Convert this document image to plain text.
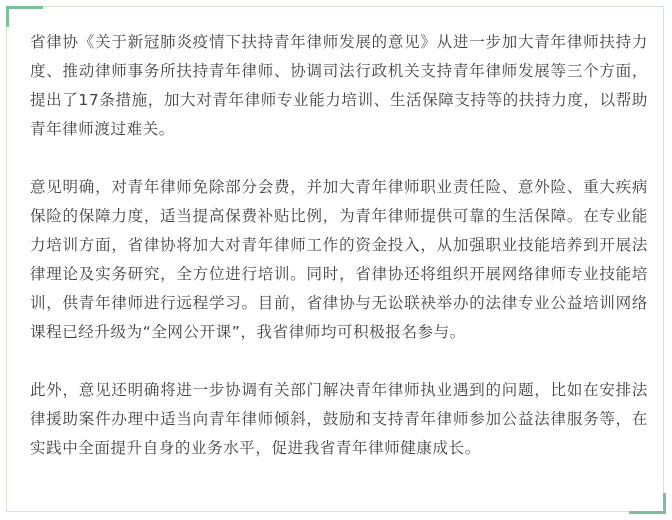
省律协《关于新冠肺炎疫情下扶持青年律师发展的意见》从进一步加大青年律师扶持力度、推动律师事务所扶持青年律师、协调司法行政机关支持青年律师发展等三个方面，提出了17条措施，加大对青年律师专业能力培训、生活保障支持等的扶持力度，以帮助青年律师渡过难关。

意见明确，对青年律师免除部分会费，并加大青年律师职业责任险、意外险、重大疾病保险的保障力度，适当提高保费补贴比例，为青年律师提供可靠的生活保障。在专业能力培训方面，省律协将加大对青年律师工作的资金投入，从加强职业技能培养到开展法律理论及实务研究，全方位进行培训。同时，省律协还将组织开展网络律师专业技能培训，供青年律师进行远程学习。目前，省律协与无讼联袂举办的法律专业公益培训网络课程已经升级为“全网公开课”，我省律师均可积极报名参与。

此外，意见还明确将进一步协调有关部门解决青年律师执业遇到的问题，比如在安排法律援助案件办理中适当向青年律师倾斜，鼓励和支持青年律师参加公益法律服务等，在实践中全面提升自身的业务水平，促进我省青年律师健康成长。
